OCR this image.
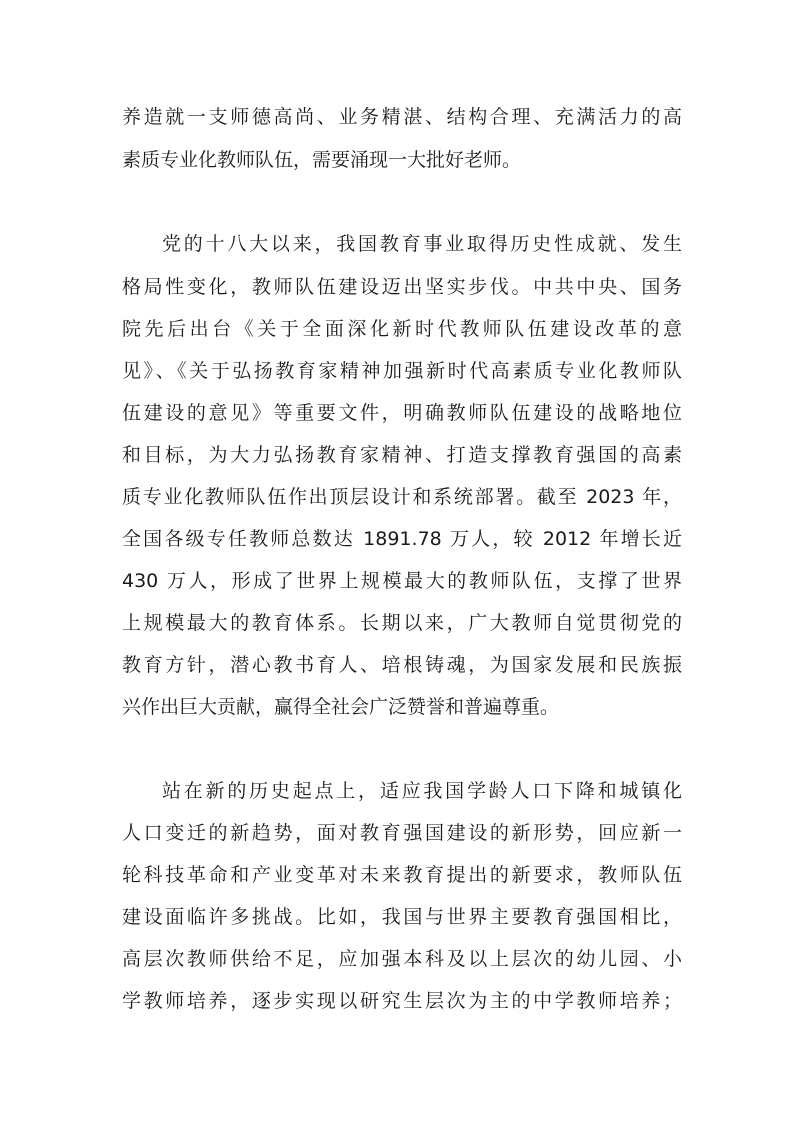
养造就一支师德高尚、业务精湛、结构合理、充满活力的高
素质专业化教师队伍，需要涌现一大批好老师。
党的十八大以来，我国教育事业取得历史性成就、发生
格局性变化，教师队伍建设迈出坚实步伐。中共中央、国务
院先后出台《关于全面深化新时代教师队伍建设改革的意
见》、《关于弘扬教育家精神加强新时代高素质专业化教师队
伍建设的意见》等重要文件，明确教师队伍建设的战略地位
和目标，为大力弘扬教育家精神、打造支撑教育强国的高素
质专业化教师队伍作出顶层设计和系统部署。截至 2023 年，
全国各级专任教师总数达 1891.78 万人，较 2012 年增长近
430 万人，形成了世界上规模最大的教师队伍，支撑了世界
上规模最大的教育体系。长期以来，广大教师自觉贯彻党的
教育方针，潜心教书育人、培根铸魂，为国家发展和民族振
兴作出巨大贡献，赢得全社会广泛赞誉和普遍尊重。
站在新的历史起点上，适应我国学龄人口下降和城镇化
人口变迁的新趋势，面对教育强国建设的新形势，回应新一
轮科技革命和产业变革对未来教育提出的新要求，教师队伍
建设面临许多挑战。比如，我国与世界主要教育强国相比，
高层次教师供给不足，应加强本科及以上层次的幼儿园、小
学教师培养，逐步实现以研究生层次为主的中学教师培养；
